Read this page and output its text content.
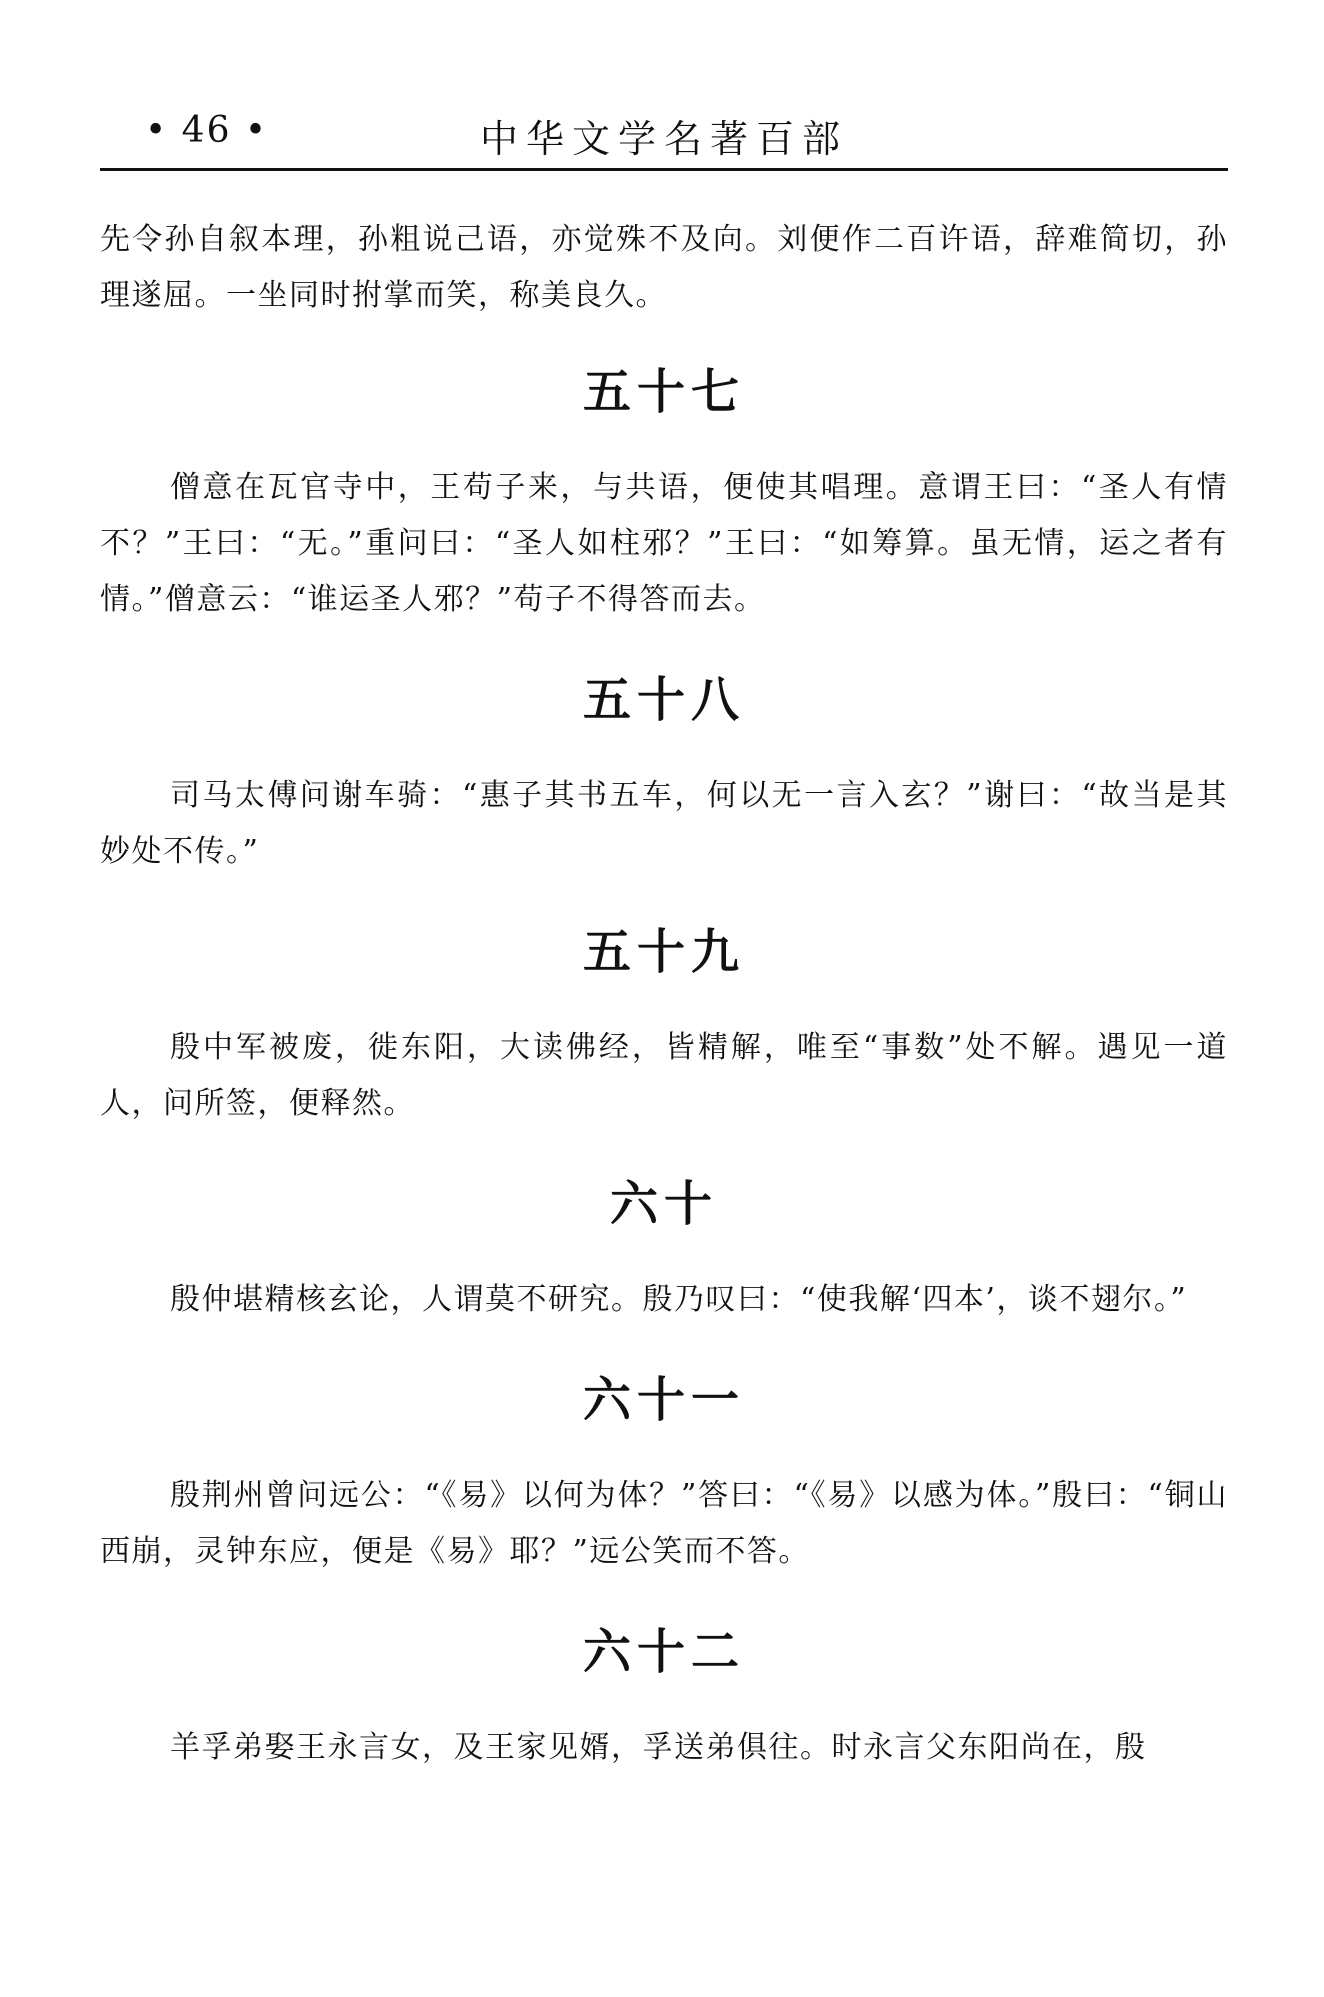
• 46 •	中华文学名著百部

先令孙自叙本理，孙粗说己语，亦觉殊不及向。刘便作二百许语，辞难简切，孙理遂屈。一坐同时拊掌而笑，称美良久。

五十七

僧意在瓦官寺中，王苟子来，与共语，便使其唱理。意谓王曰：“圣人有情不？”王曰：“无。”重问曰：“圣人如柱邪？”王曰：“如筹算。虽无情，运之者有情。”僧意云：“谁运圣人邪？”苟子不得答而去。

五十八

司马太傅问谢车骑：“惠子其书五车，何以无一言入玄？”谢曰：“故当是其妙处不传。”

五十九

殷中军被废，徙东阳，大读佛经，皆精解，唯至“事数”处不解。遇见一道人，问所签，便释然。

六十

殷仲堪精核玄论，人谓莫不研究。殷乃叹曰：“使我解‘四本’，谈不翅尔。”

六十一

殷荆州曾问远公：“《易》以何为体？”答曰：“《易》以感为体。”殷曰：“铜山西崩，灵钟东应，便是《易》耶？”远公笑而不答。

六十二

羊孚弟娶王永言女，及王家见婿，孚送弟俱往。时永言父东阳尚在，殷
